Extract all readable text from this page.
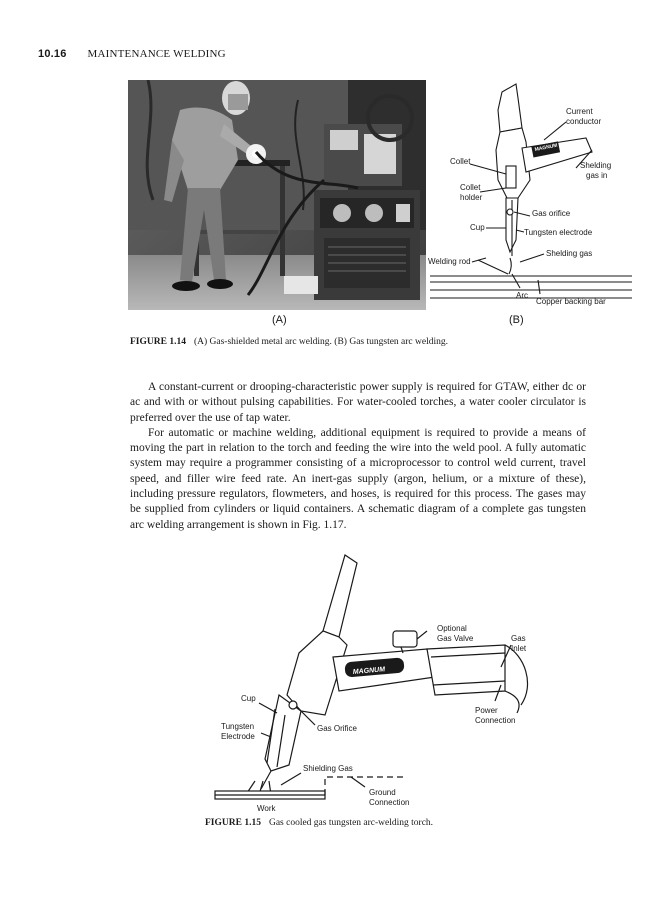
10.16 MAINTENANCE WELDING
Current
conductor
Collet
Collet
holder
Shelding
gas in
Gas orifice
Cup
Tungsten electrode
Shelding gas
Welding rod
Arc
Copper backing bar
MAGNUM
(A)	(B)
FIGURE 1.14 (A) Gas-shielded metal arc welding. (B) Gas tungsten arc welding.

A constant-current or drooping-characteristic power supply is required for GTAW, either dc or ac and with or without pulsing capabilities. For water-cooled torches, a water cooler circulator is preferred over the use of tap water.

For automatic or machine welding, additional equipment is required to provide a means of moving the part in relation to the torch and feeding the wire into the weld pool. A fully automatic system may require a programmer consisting of a microprocessor to control weld current, travel speed, and filler wire feed rate. An inert-gas supply (argon, helium, or a mixture of these), including pressure regulators, flowmeters, and hoses, is required for this process. The gases may be supplied from cylinders or liquid containers. A schematic diagram of a complete gas tungsten arc welding arrangement is shown in Fig. 1.17.

Optional
Gas Valve	Gas
Inlet
MAGNUM
Cup
Tungsten
Electrode
Gas Orifice
Power
Connection
Shielding Gas
Ground
Connection
Work
FIGURE 1.15 Gas cooled gas tungsten arc-welding torch.
